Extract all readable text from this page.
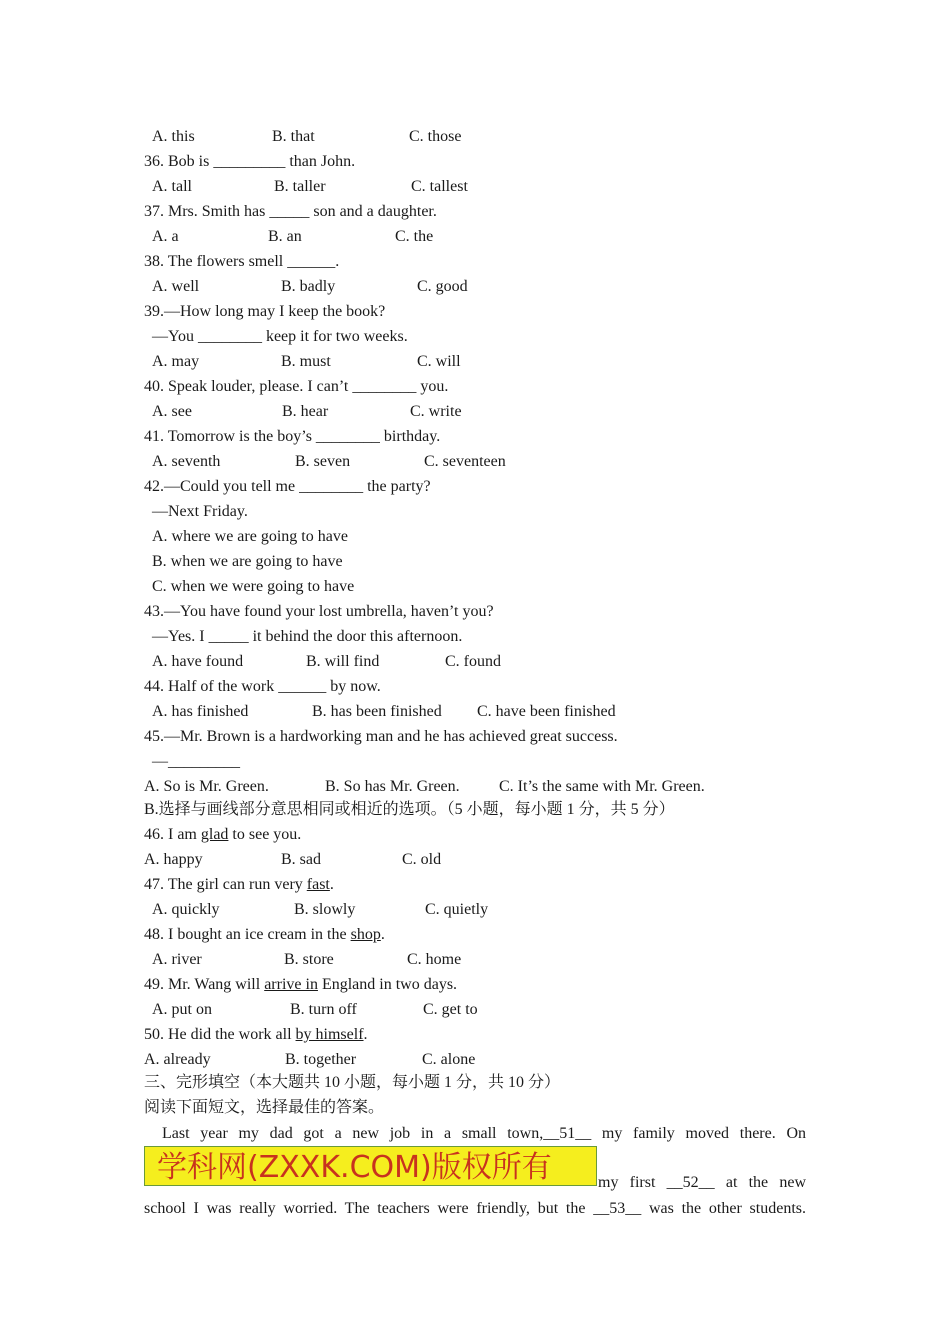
A. this	B. that	C. those
36. Bob is _________ than John.
A. tall	B. taller	C. tallest
37. Mrs. Smith has _____ son and a daughter.
A. a	B. an	C. the
38. The flowers smell ______.
A. well	B. badly	C. good
39.—How long may I keep the book?
—You ________ keep it for two weeks.
A. may	B. must	C. will
40. Speak louder, please. I can’t ________ you.
A. see	B. hear	C. write
41. Tomorrow is the boy’s ________ birthday.
A. seventh	B. seven	C. seventeen
42.—Could you tell me ________ the party?
—Next Friday.
A. where we are going to have
B. when we are going to have
C. when we were going to have
43.—You have found your lost umbrella, haven’t you?
—Yes. I _____ it behind the door this afternoon.
A. have found	B. will find	C. found
44. Half of the work ______ by now.
A. has finished	B. has been finished C. have been finished
45.—Mr. Brown is a hardworking man and he has achieved great success.
—_________
A. So is Mr. Green.	B. So has Mr. Green. C. It’s the same with Mr. Green.
B.选择与画线部分意思相同或相近的选项。（5 小题，每小题 1 分，共 5 分）
46. I am glad to see you.
A. happy	B. sad	C. old
47. The girl can run very fast.
A. quickly	B. slowly	C. quietly
48. I bought an ice cream in the shop.
A. river	B. store	C. home
49. Mr. Wang will arrive in England in two days.
A. put on	B. turn off	C. get to
50. He did the work all by himself.
A. already	B. together	C. alone
三、完形填空（本大题共 10 小题，每小题 1 分，共 10 分）
阅读下面短文，选择最佳的答案。
Last year my dad got a new job in a small town,__51__ my family moved there. On
学科网(ZXXK.COM)版权所有	my first __52__ at the new
school I was really worried. The teachers were friendly, but the __53__ was the other students.
